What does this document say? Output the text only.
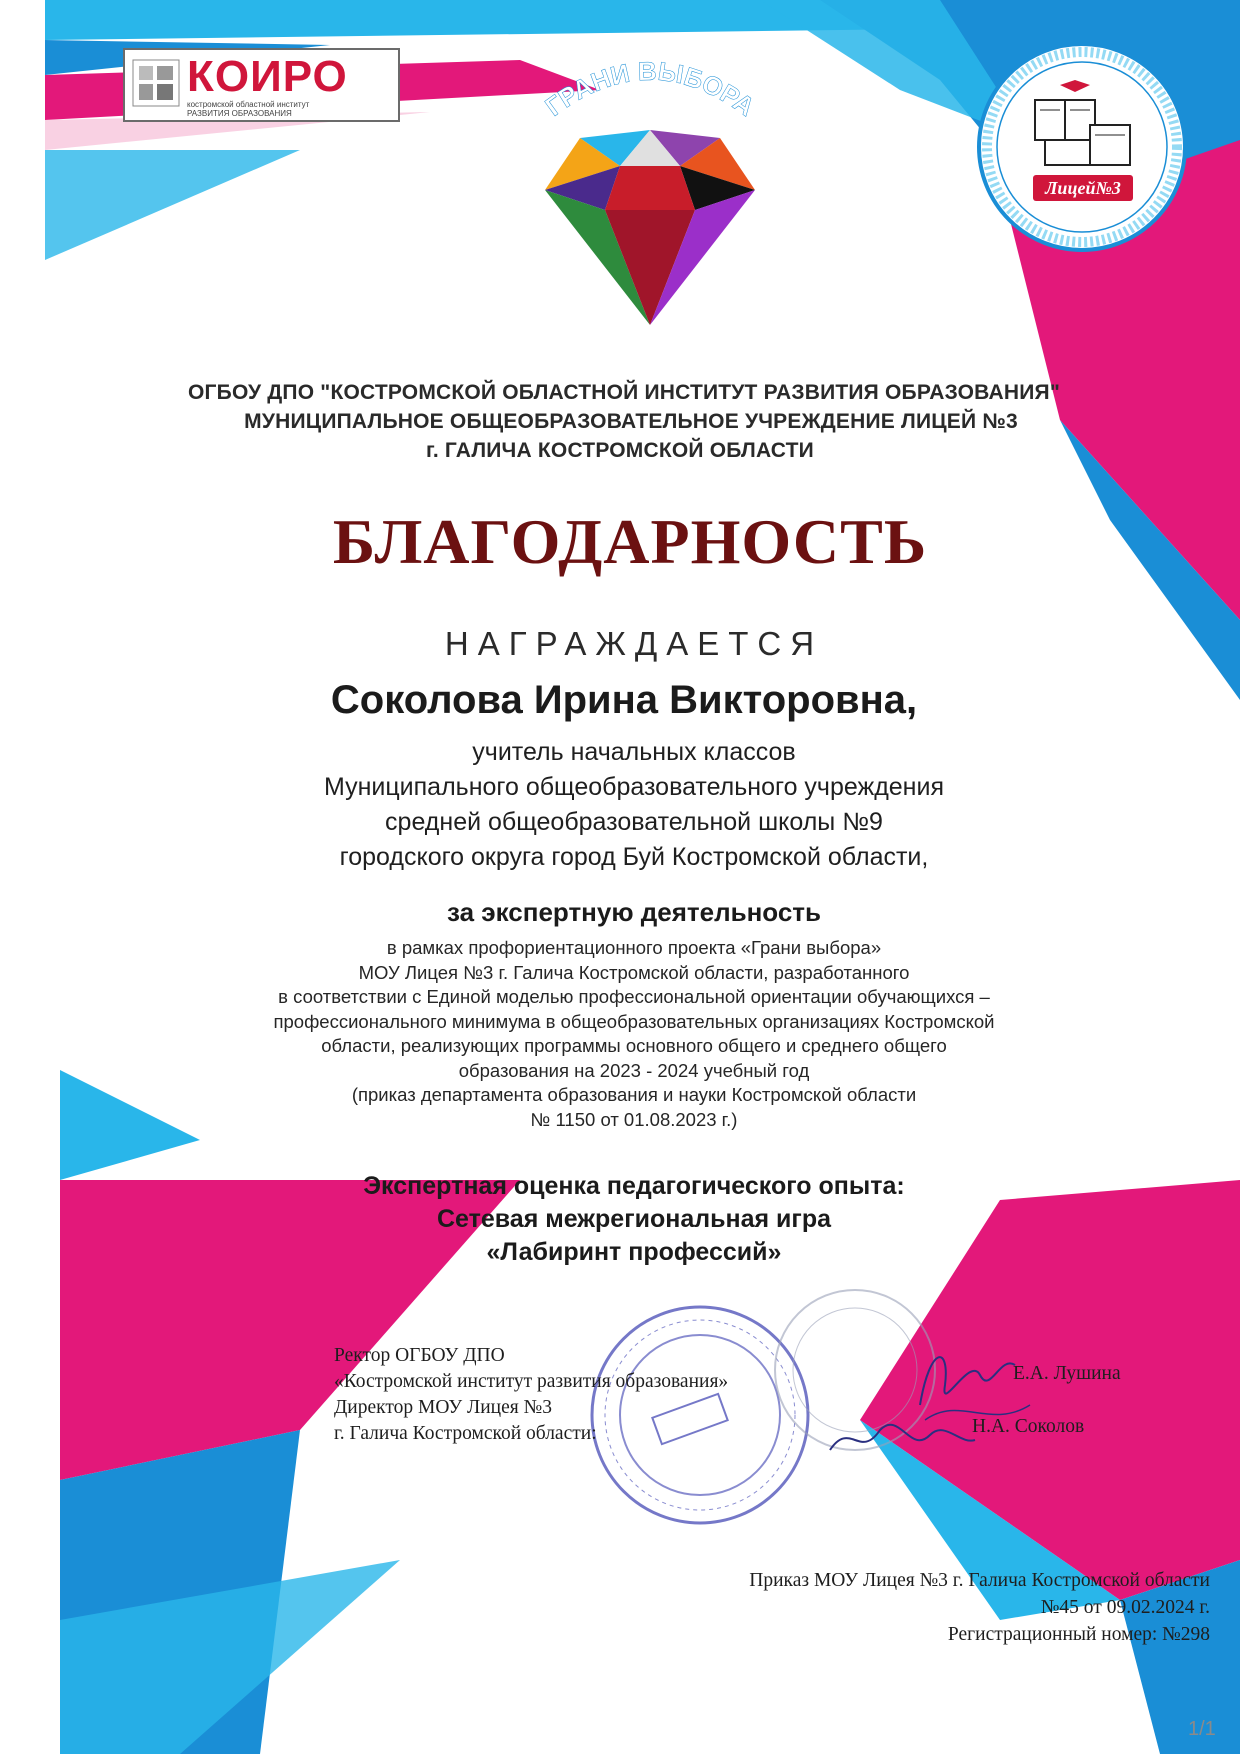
КОИРО
костромской областной институт
РАЗВИТИЯ ОБРАЗОВАНИЯ	ГРАНИ ВЫБОРА
Лицей№3
ОГБОУ ДПО "КОСТРОМСКОЙ ОБЛАСТНОЙ ИНСТИТУТ РАЗВИТИЯ ОБРАЗОВАНИЯ"
МУНИЦИПАЛЬНОЕ ОБЩЕОБРАЗОВАТЕЛЬНОЕ УЧРЕЖДЕНИЕ ЛИЦЕЙ №3
г. ГАЛИЧА КОСТРОМСКОЙ ОБЛАСТИ
БЛАГОДАРНОСТЬ
НАГРАЖДАЕТСЯ
Соколова Ирина Викторовна,
учитель начальных классов
Муниципального общеобразовательного учреждения
средней общеобразовательной школы №9
городского округа город Буй Костромской области,
за экспертную деятельность
в рамках профориентационного проекта «Грани выбора»
МОУ Лицея №3 г. Галича Костромской области, разработанного
в соответствии с Единой моделью профессиональной ориентации обучающихся –
профессионального минимума в общеобразовательных организациях Костромской
области, реализующих программы основного общего и среднего общего
образования на 2023 - 2024 учебный год
(приказ департамента образования и науки Костромской области
№ 1150 от 01.08.2023 г.)
Экспертная оценка педагогического опыта:
Сетевая межрегиональная игра
«Лабиринт профессий»
Ректор ОГБОУ ДПО
«Костромской институт развития образования»
Директор МОУ Лицея №3
г. Галича Костромской области:
Е.А. Лушина
Н.А. Соколов
Приказ МОУ Лицея №3 г. Галича Костромской области
№45 от 09.02.2024 г.
Регистрационный номер: №298
1/1
